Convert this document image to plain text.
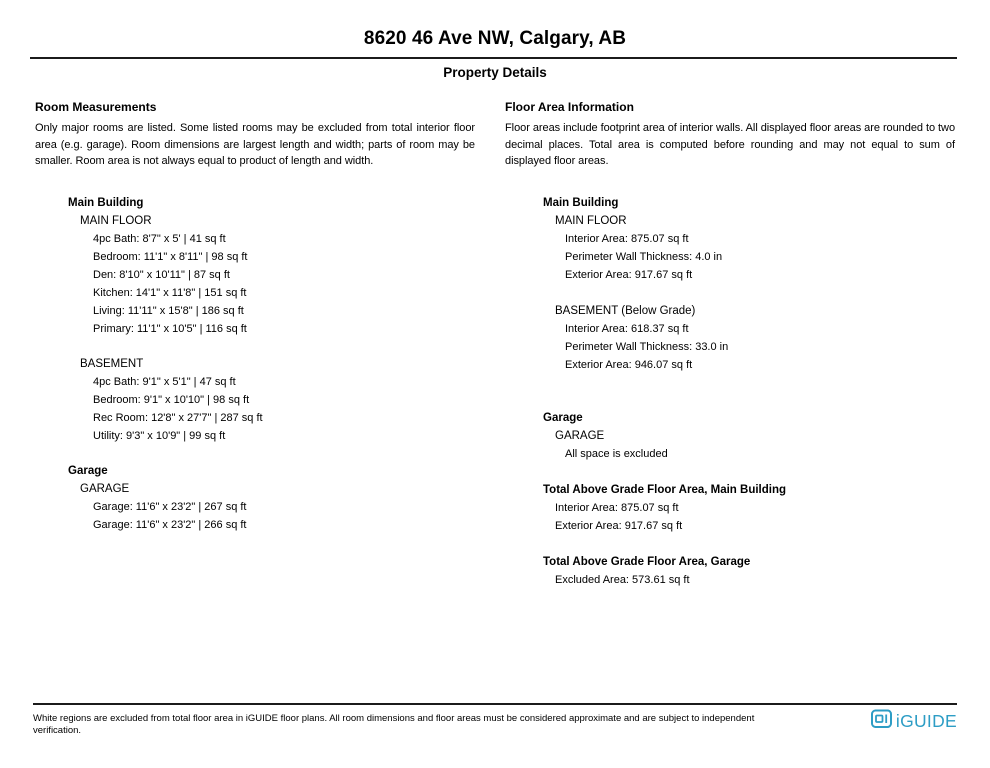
8620 46 Ave NW, Calgary, AB
Property Details
Room Measurements
Only major rooms are listed. Some listed rooms may be excluded from total interior floor area (e.g. garage). Room dimensions are largest length and width; parts of room may be smaller. Room area is not always equal to product of length and width.
Main Building
MAIN FLOOR
4pc Bath: 8'7" x 5' | 41 sq ft
Bedroom: 11'1" x 8'11" | 98 sq ft
Den: 8'10" x 10'11" | 87 sq ft
Kitchen: 14'1" x 11'8" | 151 sq ft
Living: 11'11" x 15'8" | 186 sq ft
Primary: 11'1" x 10'5" | 116 sq ft
BASEMENT
4pc Bath: 9'1" x 5'1" | 47 sq ft
Bedroom: 9'1" x 10'10" | 98 sq ft
Rec Room: 12'8" x 27'7" | 287 sq ft
Utility: 9'3" x 10'9" | 99 sq ft
Garage
GARAGE
Garage: 11'6" x 23'2" | 267 sq ft
Garage: 11'6" x 23'2" | 266 sq ft
Floor Area Information
Floor areas include footprint area of interior walls. All displayed floor areas are rounded to two decimal places. Total area is computed before rounding and may not equal to sum of displayed floor areas.
Main Building
MAIN FLOOR
Interior Area: 875.07 sq ft
Perimeter Wall Thickness: 4.0 in
Exterior Area: 917.67 sq ft
BASEMENT (Below Grade)
Interior Area: 618.37 sq ft
Perimeter Wall Thickness: 33.0 in
Exterior Area: 946.07 sq ft
Garage
GARAGE
All space is excluded
Total Above Grade Floor Area, Main Building
Interior Area: 875.07 sq ft
Exterior Area: 917.67 sq ft
Total Above Grade Floor Area, Garage
Excluded Area: 573.61 sq ft
White regions are excluded from total floor area in iGUIDE floor plans. All room dimensions and floor areas must be considered approximate and are subject to independent verification.	iGUIDE
